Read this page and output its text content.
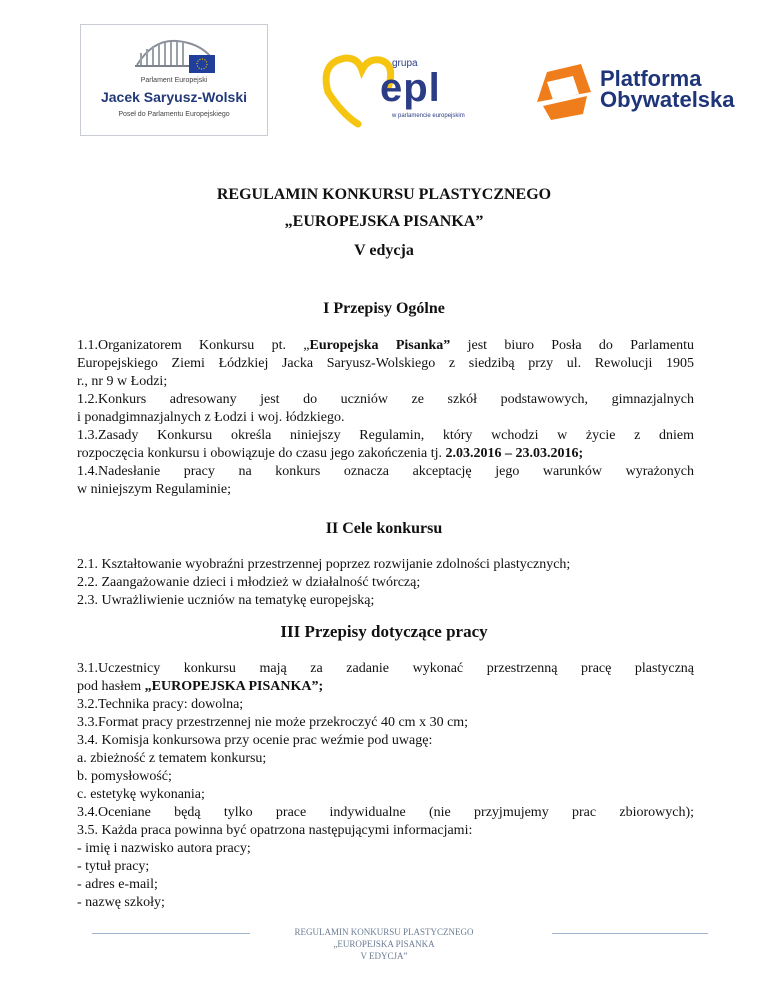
Parlament Europejski
Jacek Saryusz-Wolski
Poseł do Parlamentu Europejskiego
grupa
epl
w parlamencie europejskim
Platforma
Obywatelska
REGULAMIN KONKURSU PLASTYCZNEGO
„EUROPEJSKA PISANKA”
V edycja
I Przepisy Ogólne

1.1.Organizatorem Konkursu pt. „Europejska Pisanka” jest biuro Posła do Parlamentu

Europejskiego Ziemi Łódzkiej Jacka Saryusz-Wolskiego z siedzibą przy ul. Rewolucji 1905

r., nr 9 w Łodzi;

1.2.Konkurs adresowany jest do uczniów ze szkół podstawowych, gimnazjalnych

i ponadgimnazjalnych z Łodzi i woj. łódzkiego.

1.3.Zasady Konkursu określa niniejszy Regulamin, który wchodzi w życie z dniem

rozpoczęcia konkursu i obowiązuje do czasu jego zakończenia tj. 2.03.2016 – 23.03.2016;

1.4.Nadesłanie pracy na konkurs oznacza akceptację jego warunków wyrażonych

w niniejszym Regulaminie;

II Cele konkursu

2.1. Kształtowanie wyobraźni przestrzennej poprzez rozwijanie zdolności plastycznych;

2.2. Zaangażowanie dzieci i młodzież w działalność twórczą;

2.3. Uwrażliwienie uczniów na tematykę europejską;

III Przepisy dotyczące pracy

3.1.Uczestnicy konkursu mają za zadanie wykonać przestrzenną pracę plastyczną

pod hasłem „EUROPEJSKA PISANKA”;

3.2.Technika pracy: dowolna;

3.3.Format pracy przestrzennej nie może przekroczyć 40 cm x 30 cm;

3.4. Komisja konkursowa przy ocenie prac weźmie pod uwagę:

a. zbieżność z tematem konkursu;

b. pomysłowość;

c. estetykę wykonania;

3.4.Oceniane będą tylko prace indywidualne (nie przyjmujemy prac zbiorowych);

3.5. Każda praca powinna być opatrzona następującymi informacjami:

- imię i nazwisko autora pracy;

- tytuł pracy;

- adres e-mail;

- nazwę szkoły;

REGULAMIN KONKURSU PLASTYCZNEGO
„EUROPEJSKA PISANKA
V EDYCJA”
